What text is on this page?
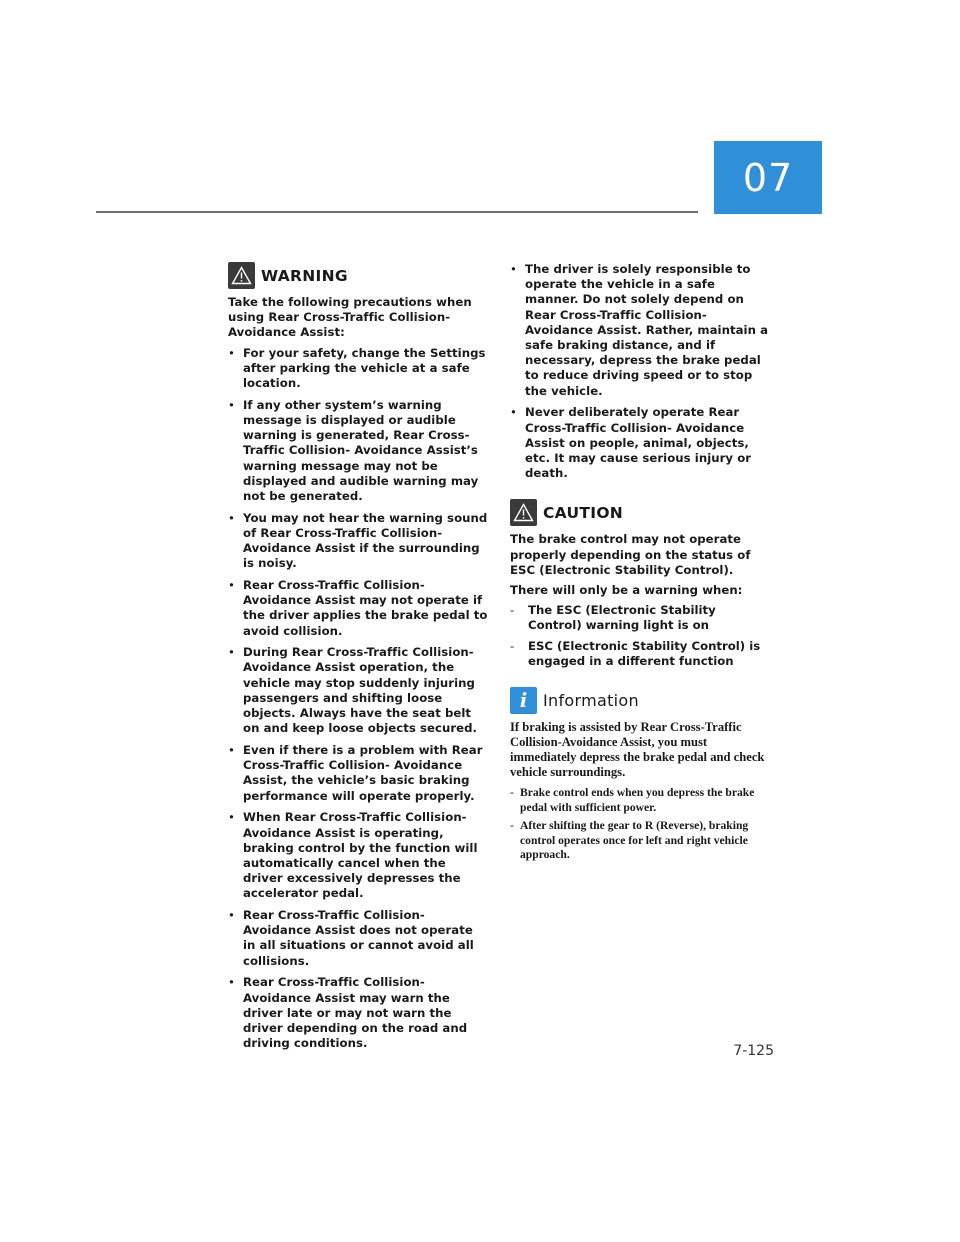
07
WARNING

Take the following precautions when using Rear Cross-Traffic Collision-Avoidance Assist:

• For your safety, change the Settings after parking the vehicle at a safe location.
• If any other system’s warning message is displayed or audible warning is generated, Rear Cross-Traffic Collision- Avoidance Assist’s warning message may not be displayed and audible warning may not be generated.
• You may not hear the warning sound of Rear Cross-Traffic Collision-Avoidance Assist if the surrounding is noisy.
• Rear Cross-Traffic Collision-Avoidance Assist may not operate if the driver applies the brake pedal to avoid collision.
• During Rear Cross-Traffic Collision-Avoidance Assist operation, the vehicle may stop suddenly injuring passengers and shifting loose objects. Always have the seat belt on and keep loose objects secured.
• Even if there is a problem with Rear Cross-Traffic Collision- Avoidance Assist, the vehicle’s basic braking performance will operate properly.
• When Rear Cross-Traffic Collision-Avoidance Assist is operating, braking control by the function will automatically cancel when the driver excessively depresses the accelerator pedal.
• Rear Cross-Traffic Collision-Avoidance Assist does not operate in all situations or cannot avoid all collisions.
• Rear Cross-Traffic Collision-Avoidance Assist may warn the driver late or may not warn the driver depending on the road and driving conditions.
• The driver is solely responsible to operate the vehicle in a safe manner. Do not solely depend on Rear Cross-Traffic Collision- Avoidance Assist. Rather, maintain a safe braking distance, and if necessary, depress the brake pedal to reduce driving speed or to stop the vehicle.
• Never deliberately operate Rear Cross-Traffic Collision- Avoidance Assist on people, animal, objects, etc. It may cause serious injury or death.
CAUTION

The brake control may not operate properly depending on the status of ESC (Electronic Stability Control).

There will only be a warning when:

- The ESC (Electronic Stability Control) warning light is on
- ESC (Electronic Stability Control) is engaged in a different function
i Information

If braking is assisted by Rear Cross-Traffic Collision-Avoidance Assist, you must immediately depress the brake pedal and check vehicle surroundings.

- Brake control ends when you depress the brake pedal with sufficient power.
- After shifting the gear to R (Reverse), braking control operates once for left and right vehicle approach.
7-125
